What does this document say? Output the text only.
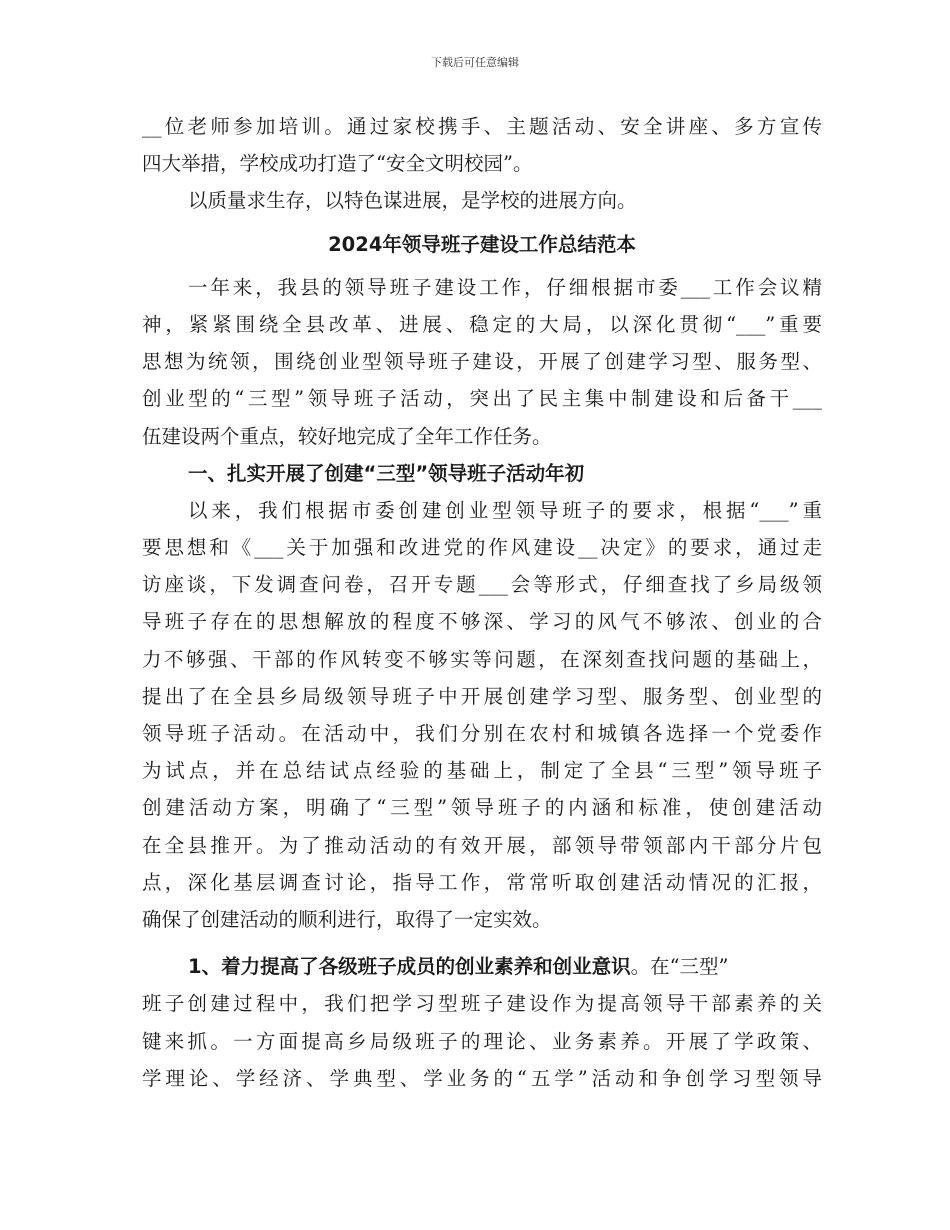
下载后可任意编辑
__位老师参加培训。通过家校携手、主题活动、安全讲座、多方宣传
四大举措，学校成功打造了“安全文明校园”。
以质量求生存，以特色谋进展，是学校的进展方向。
2024年领导班子建设工作总结范本
一年来，我县的领导班子建设工作，仔细根据市委___工作会议精
神，紧紧围绕全县改革、进展、稳定的大局，以深化贯彻“___”重要
思想为统领，围绕创业型领导班子建设，开展了创建学习型、服务型、
创业型的“三型”领导班子活动，突出了民主集中制建设和后备干___
伍建设两个重点，较好地完成了全年工作任务。
一、扎实开展了创建“三型”领导班子活动年初
以来，我们根据市委创建创业型领导班子的要求，根据“___”重
要思想和《___关于加强和改进党的作风建设__决定》的要求，通过走
访座谈，下发调查问卷，召开专题___会等形式，仔细查找了乡局级领
导班子存在的思想解放的程度不够深、学习的风气不够浓、创业的合
力不够强、干部的作风转变不够实等问题，在深刻查找问题的基础上，
提出了在全县乡局级领导班子中开展创建学习型、服务型、创业型的
领导班子活动。在活动中，我们分别在农村和城镇各选择一个党委作
为试点，并在总结试点经验的基础上，制定了全县“三型”领导班子
创建活动方案，明确了“三型”领导班子的内涵和标准，使创建活动
在全县推开。为了推动活动的有效开展，部领导带领部内干部分片包
点，深化基层调查讨论，指导工作，常常听取创建活动情况的汇报，
确保了创建活动的顺利进行，取得了一定实效。
1、着力提高了各级班子成员的创业素养和创业意识。在“三型”
班子创建过程中，我们把学习型班子建设作为提高领导干部素养的关
键来抓。一方面提高乡局级班子的理论、业务素养。开展了学政策、
学理论、学经济、学典型、学业务的“五学”活动和争创学习型领导
